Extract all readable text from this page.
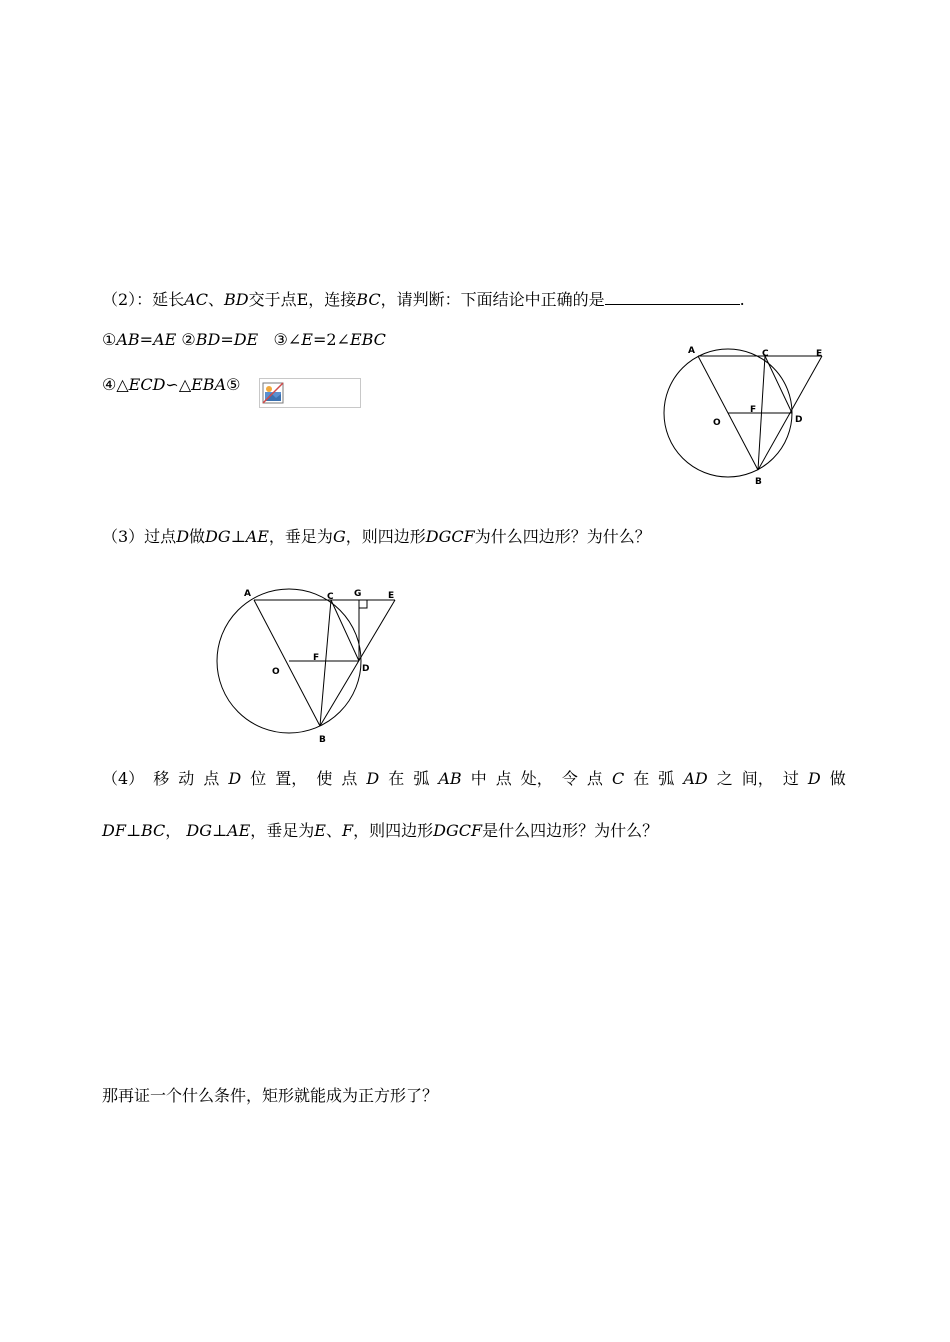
（2）：延长AC、BD交于点E，连接BC，请判断：下面结论中正确的是	.
①AB=AE ②BD=DE ③∠E=2∠EBC
④△ECD∽△EBA⑤
A	C	E
O
F
D
B
（3）过点D做DG⊥AE，垂足为G，则四边形DGCF为什么四边形？为什么？
A	C G	E
O
F
D
B
（4） 移 动 点 D 位 置， 使 点 D 在 弧 AB 中 点 处， 令 点 C 在 弧 AD 之 间， 过 D 做
DF⊥BC， DG⊥AE，垂足为E、F，则四边形DGCF是什么四边形？为什么？
那再证一个什么条件，矩形就能成为正方形了？
